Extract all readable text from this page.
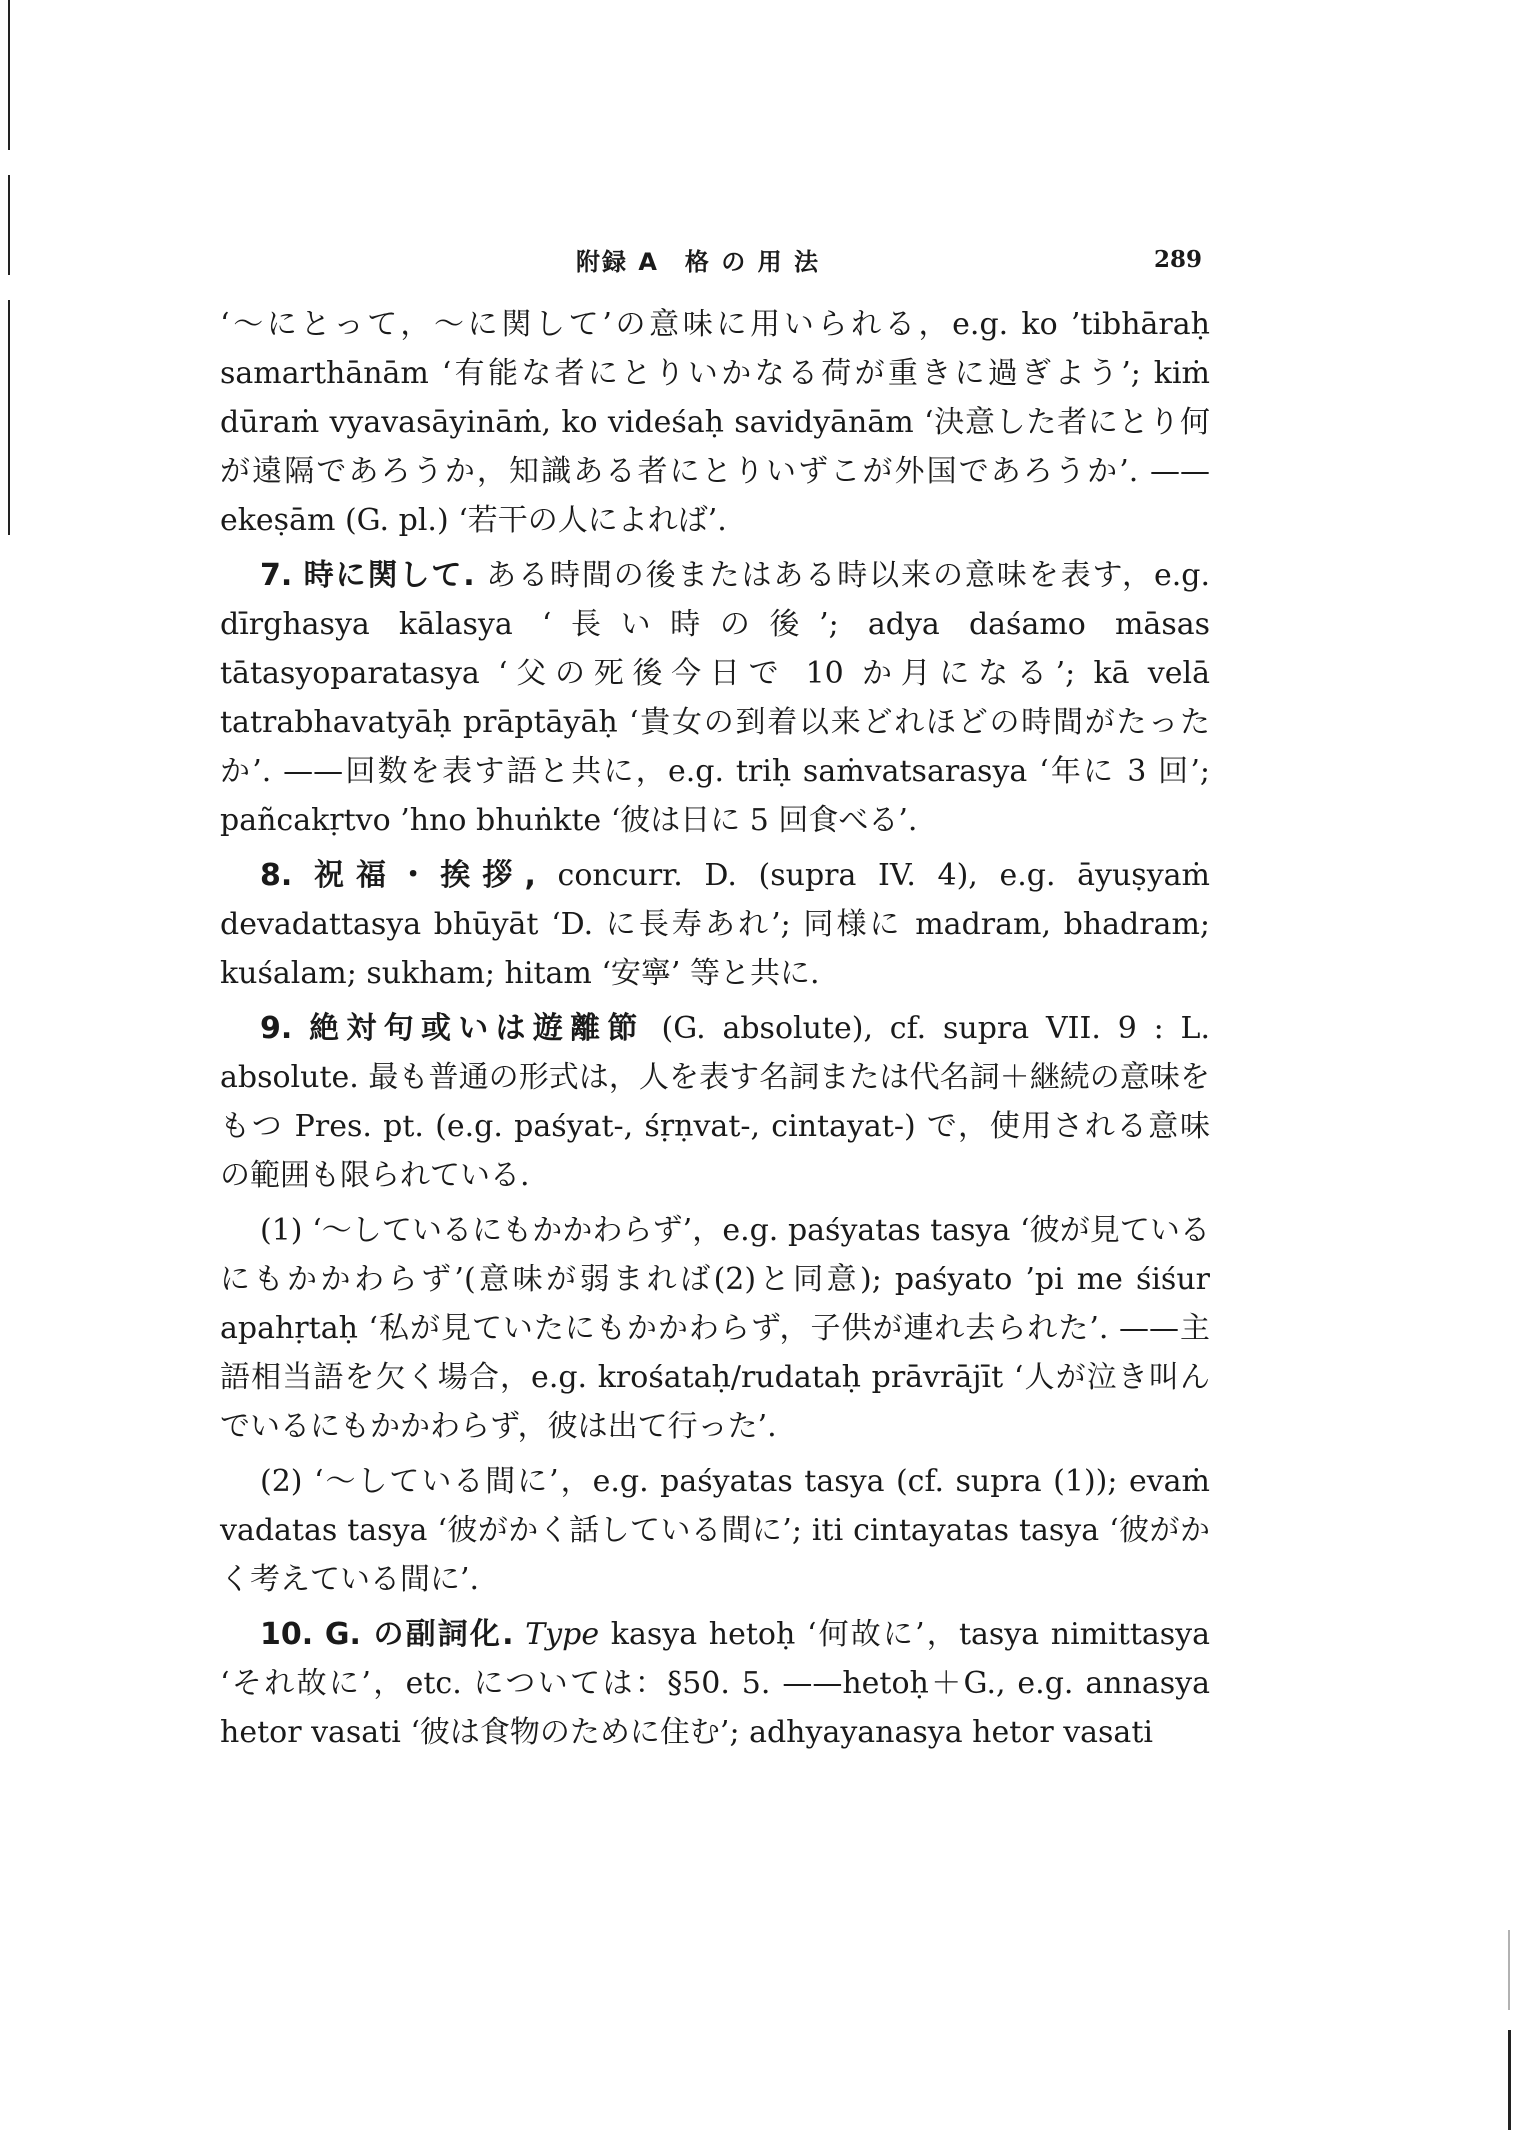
附録 A　格 の 用 法	289

‘～にとって，～に関して’の意味に用いられる，e.g. ko ’tibhāraḥ samarthānām ‘有能な者にとりいかなる荷が重きに過ぎよう’; kiṁ dūraṁ vyavasāyināṁ, ko videśaḥ savidyānām ‘決意した者にとり何が遠隔であろうか，知識ある者にとりいずこが外国であろうか’. ——ekeṣām (G. pl.) ‘若干の人によれば’.

7. 時に関して. ある時間の後またはある時以来の意味を表す，e.g. dīrghasya kālasya ‘長い時の後’; adya daśamo māsas tātasyoparatasya ‘父の死後今日で 10 か月になる’; kā velā tatrabhavatyāḥ prāptāyāḥ ‘貴女の到着以来どれほどの時間がたったか’. ——回数を表す語と共に，e.g. triḥ saṁvatsarasya ‘年に 3 回’; pañcakṛtvo ’hno bhuṅkte ‘彼は日に 5 回食べる’.

8. 祝福・挨拶, concurr. D. (supra IV. 4), e.g. āyuṣyaṁ devadattasya bhūyāt ‘D. に長寿あれ’; 同様に madram, bhadram; kuśalam; sukham; hitam ‘安寧’ 等と共に.

9. 絶対句或いは遊離節 (G. absolute), cf. supra VII. 9 : L. absolute. 最も普通の形式は，人を表す名詞または代名詞＋継続の意味をもつ Pres. pt. (e.g. paśyat-, śṛṇvat-, cintayat-) で，使用される意味の範囲も限られている.

(1) ‘～しているにもかかわらず’，e.g. paśyatas tasya ‘彼が見ているにもかかわらず’(意味が弱まれば(2)と同意); paśyato ’pi me śiśur apahṛtaḥ ‘私が見ていたにもかかわらず，子供が連れ去られた’. ——主語相当語を欠く場合，e.g. krośataḥ/rudataḥ prāvrājīt ‘人が泣き叫んでいるにもかかわらず，彼は出て行った’.

(2) ‘～している間に’，e.g. paśyatas tasya (cf. supra (1)); evaṁ vadatas tasya ‘彼がかく話している間に’; iti cintayatas tasya ‘彼がかく考えている間に’.

10. G. の副詞化. Type kasya hetoḥ ‘何故に’，tasya nimittasya ‘それ故に’，etc. については：§50. 5. ——hetoḥ＋G., e.g. annasya hetor vasati ‘彼は食物のために住む’; adhyayanasya hetor vasati
